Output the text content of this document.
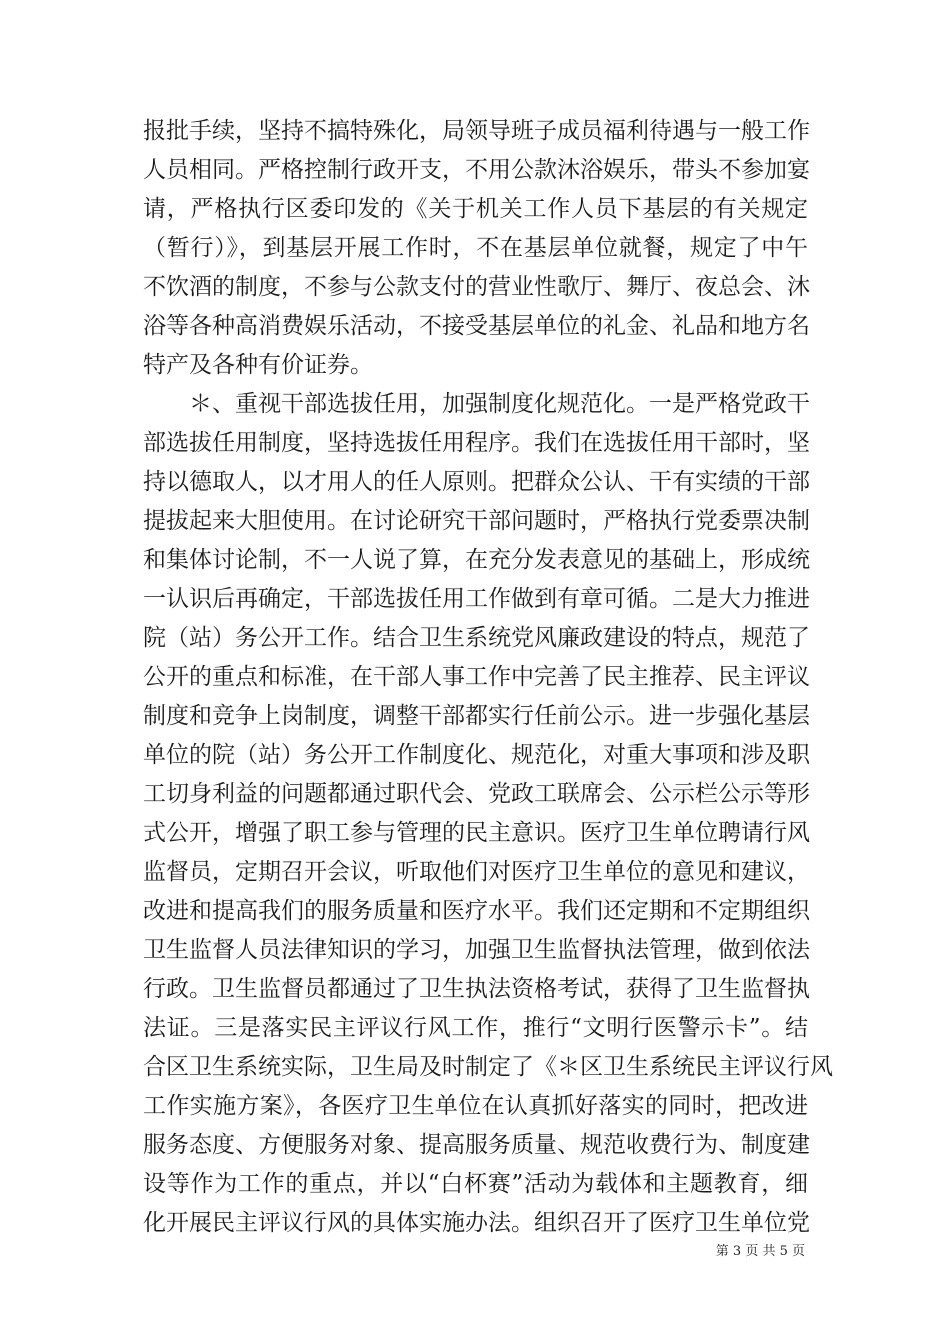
报批手续，坚持不搞特殊化，局领导班子成员福利待遇与一般工作
人员相同。严格控制行政开支，不用公款沐浴娱乐，带头不参加宴
请，严格执行区委印发的《关于机关工作人员下基层的有关规定
（暂行）》，到基层开展工作时，不在基层单位就餐，规定了中午
不饮酒的制度，不参与公款支付的营业性歌厅、舞厅、夜总会、沐
浴等各种高消费娱乐活动，不接受基层单位的礼金、礼品和地方名
特产及各种有价证券。
　　＊、重视干部选拔任用，加强制度化规范化。一是严格党政干
部选拔任用制度，坚持选拔任用程序。我们在选拔任用干部时，坚
持以德取人，以才用人的任人原则。把群众公认、干有实绩的干部
提拔起来大胆使用。在讨论研究干部问题时，严格执行党委票决制
和集体讨论制，不一人说了算，在充分发表意见的基础上，形成统
一认识后再确定，干部选拔任用工作做到有章可循。二是大力推进
院（站）务公开工作。结合卫生系统党风廉政建设的特点，规范了
公开的重点和标准，在干部人事工作中完善了民主推荐、民主评议
制度和竞争上岗制度，调整干部都实行任前公示。进一步强化基层
单位的院（站）务公开工作制度化、规范化，对重大事项和涉及职
工切身利益的问题都通过职代会、党政工联席会、公示栏公示等形
式公开，增强了职工参与管理的民主意识。医疗卫生单位聘请行风
监督员，定期召开会议，听取他们对医疗卫生单位的意见和建议，
改进和提高我们的服务质量和医疗水平。我们还定期和不定期组织
卫生监督人员法律知识的学习，加强卫生监督执法管理，做到依法
行政。卫生监督员都通过了卫生执法资格考试，获得了卫生监督执
法证。三是落实民主评议行风工作，推行“文明行医警示卡”。结
合区卫生系统实际，卫生局及时制定了《＊区卫生系统民主评议行风
工作实施方案》，各医疗卫生单位在认真抓好落实的同时，把改进
服务态度、方便服务对象、提高服务质量、规范收费行为、制度建
设等作为工作的重点，并以“白杯赛”活动为载体和主题教育，细
化开展民主评议行风的具体实施办法。组织召开了医疗卫生单位党
第 3 页 共 5 页
